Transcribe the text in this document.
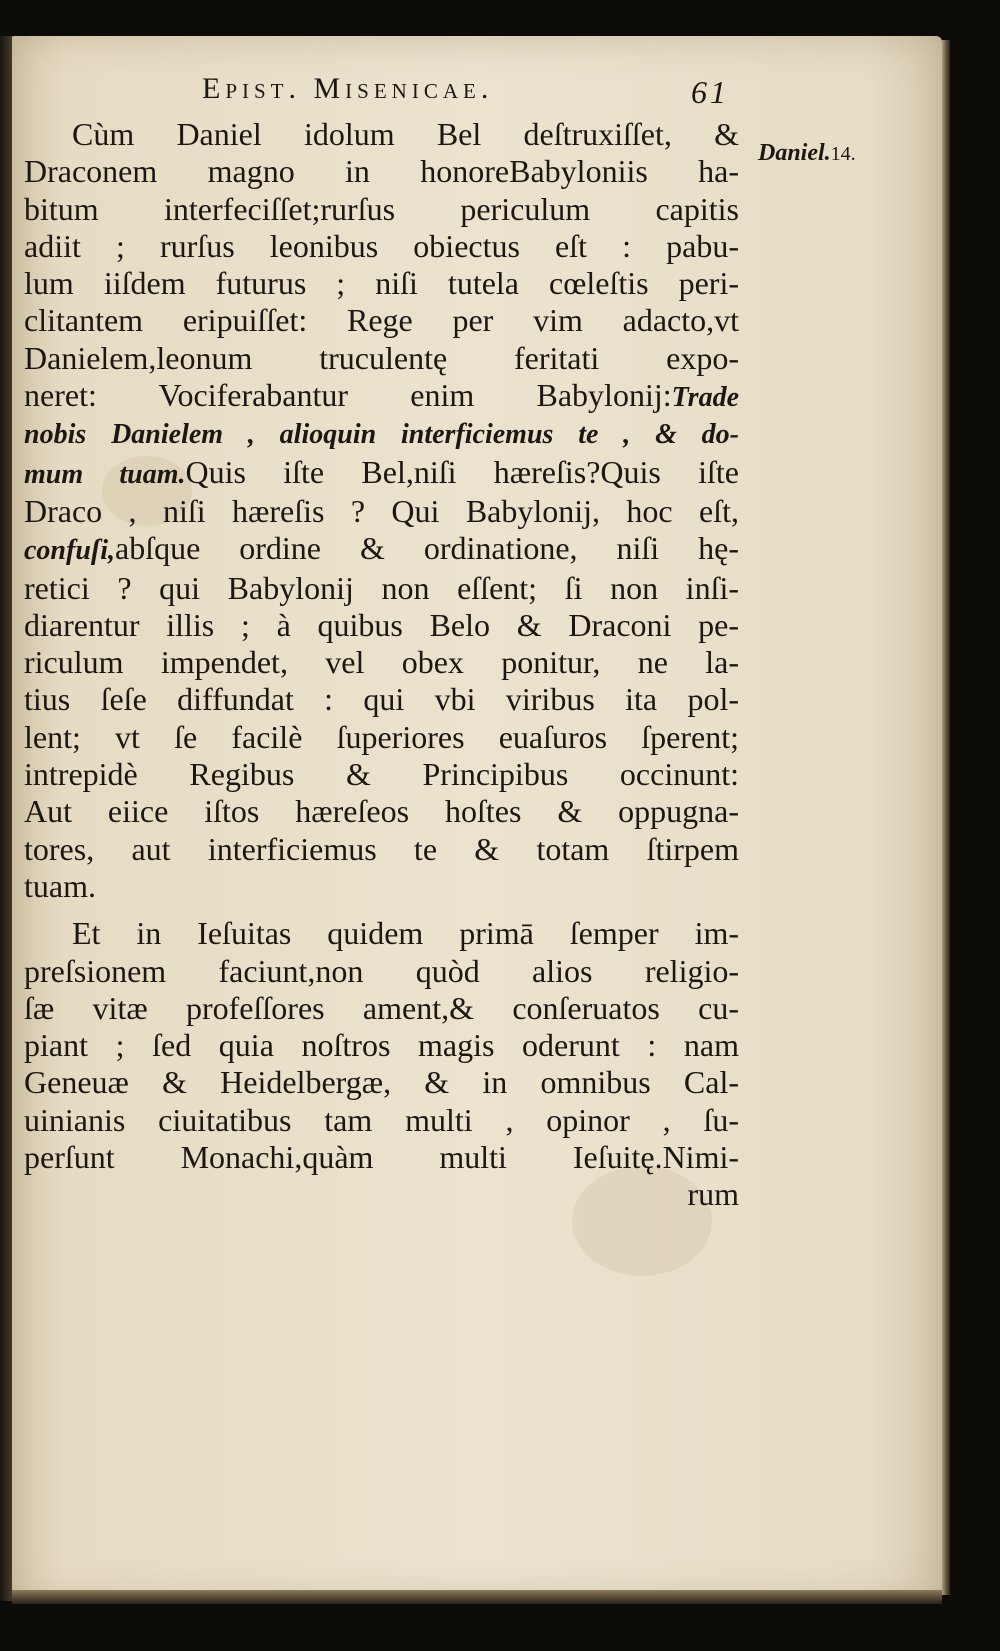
Epist. Misenicae.	61
Cùm Daniel idolum Bel deſtruxiſſet, &
Draconem magno in honoreBabyloniis ha-
bitum interfeciſſet;rurſus periculum capitis
adiit ; rurſus leonibus obiectus eſt : pabu-
lum iiſdem futurus ; niſi tutela cœleſtis peri-
clitantem eripuiſſet: Rege per vim adacto,vt
Danielem,leonum truculentę feritati expo-
neret: Vociferabantur enim Babylonij:Trade
nobis Danielem , alioquin interficiemus te , & do-
mum tuam.Quis iſte Bel,niſi hæreſis?Quis iſte
Draco , niſi hæreſis ? Qui Babylonij, hoc eſt,
confuſi,abſque ordine & ordinatione, niſi hę-
retici ? qui Babylonij non eſſent; ſi non inſi-
diarentur illis ; à quibus Belo & Draconi pe-
riculum impendet, vel obex ponitur, ne la-
tius ſeſe diffundat : qui vbi viribus ita pol-
lent; vt ſe facilè ſuperiores euaſuros ſperent;
intrepidè Regibus & Principibus occinunt:
Aut eiice iſtos hæreſeos hoſtes & oppugna-
tores, aut interficiemus te & totam ſtirpem
tuam.
Et in Ieſuitas quidem primā ſemper im-
preſsionem faciunt,non quòd alios religio-
ſæ vitæ profeſſores ament,& conſeruatos cu-
piant ; ſed quia noſtros magis oderunt : nam
Geneuæ & Heidelbergæ, & in omnibus Cal-
uinianis ciuitatibus tam multi , opinor , ſu-
perſunt Monachi,quàm multi Ieſuitę.Nimi-
rum
Daniel.14.
